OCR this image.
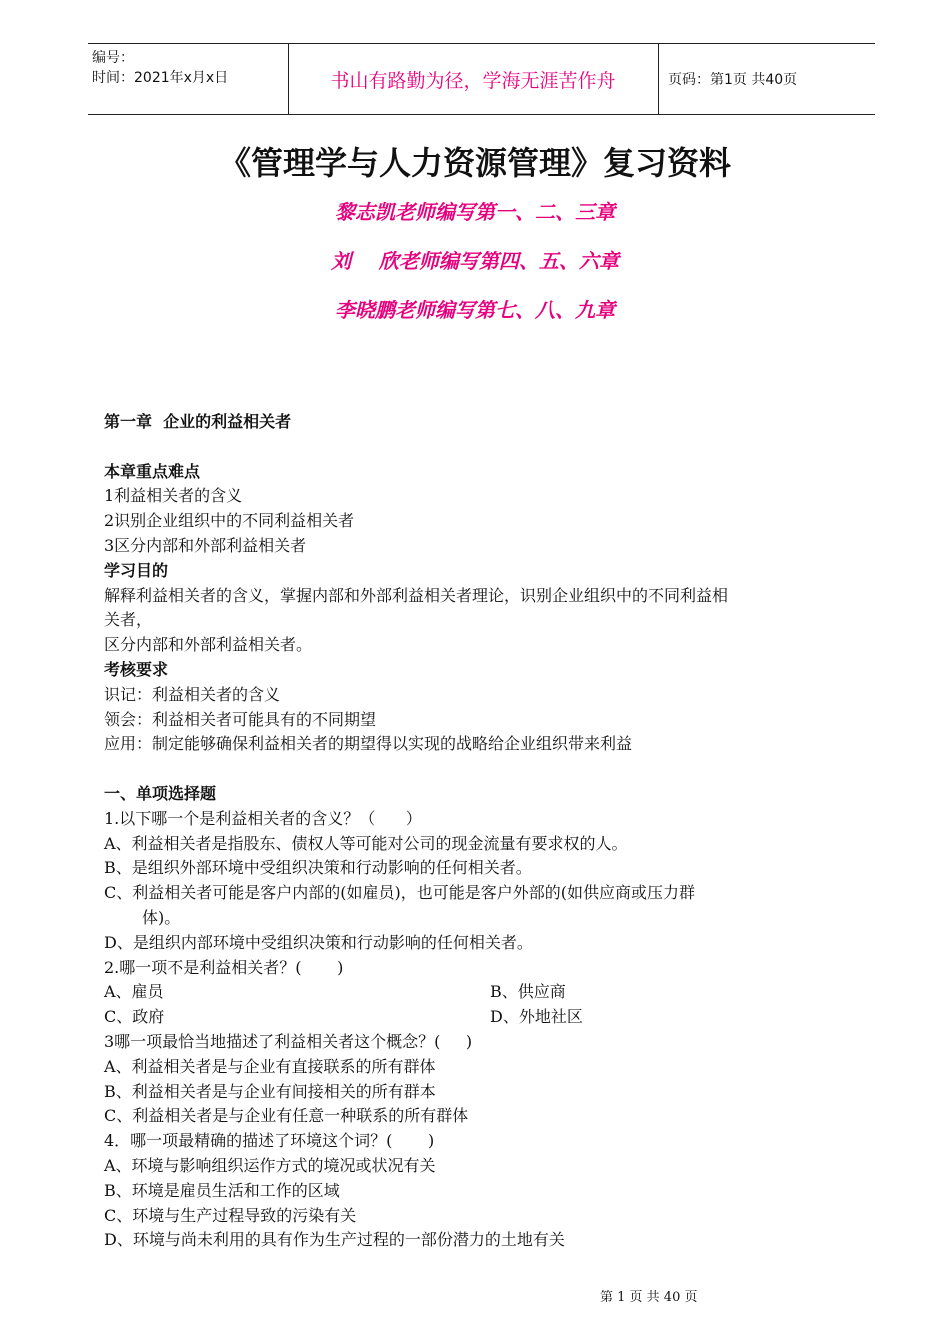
编号：
时间：2021年x月x日	书山有路勤为径，学海无涯苦作舟	页码：第1页 共40页
《管理学与人力资源管理》复习资料
黎志凯老师编写第一、二、三章
刘    欣老师编写第四、五、六章
李晓鹏老师编写第七、八、九章
第一章  企业的利益相关者
本章重点难点
1利益相关者的含义
2识别企业组织中的不同利益相关者
3区分内部和外部利益相关者
学习目的
解释利益相关者的含义，掌握内部和外部利益相关者理论，识别企业组织中的不同利益相
关者，
区分内部和外部利益相关者。
考核要求
识记：利益相关者的含义
领会：利益相关者可能具有的不同期望
应用：制定能够确保利益相关者的期望得以实现的战略给企业组织带来利益
一、单项选择题
1.以下哪一个是利益相关者的含义？（      ）
A、利益相关者是指股东、债权人等可能对公司的现金流量有要求权的人。
B、是组织外部环境中受组织决策和行动影响的任何相关者。
C、利益相关者可能是客户内部的(如雇员)，也可能是客户外部的(如供应商或压力群
体)。
D、是组织内部环境中受组织决策和行动影响的任何相关者。
2.哪一项不是利益相关者？(       )
A、雇员	B、供应商
C、政府	D、外地社区
3哪一项最恰当地描述了利益相关者这个概念？(     )
A、利益相关者是与企业有直接联系的所有群体
B、利益相关者是与企业有间接相关的所有群本
C、利益相关者是与企业有任意一种联系的所有群体
4．哪一项最精确的描述了环境这个词？(       )
A、环境与影响组织运作方式的境况或状况有关
B、环境是雇员生活和工作的区域
C、环境与生产过程导致的污染有关
D、环境与尚未利用的具有作为生产过程的一部份潜力的土地有关
第 1 页 共 40 页
